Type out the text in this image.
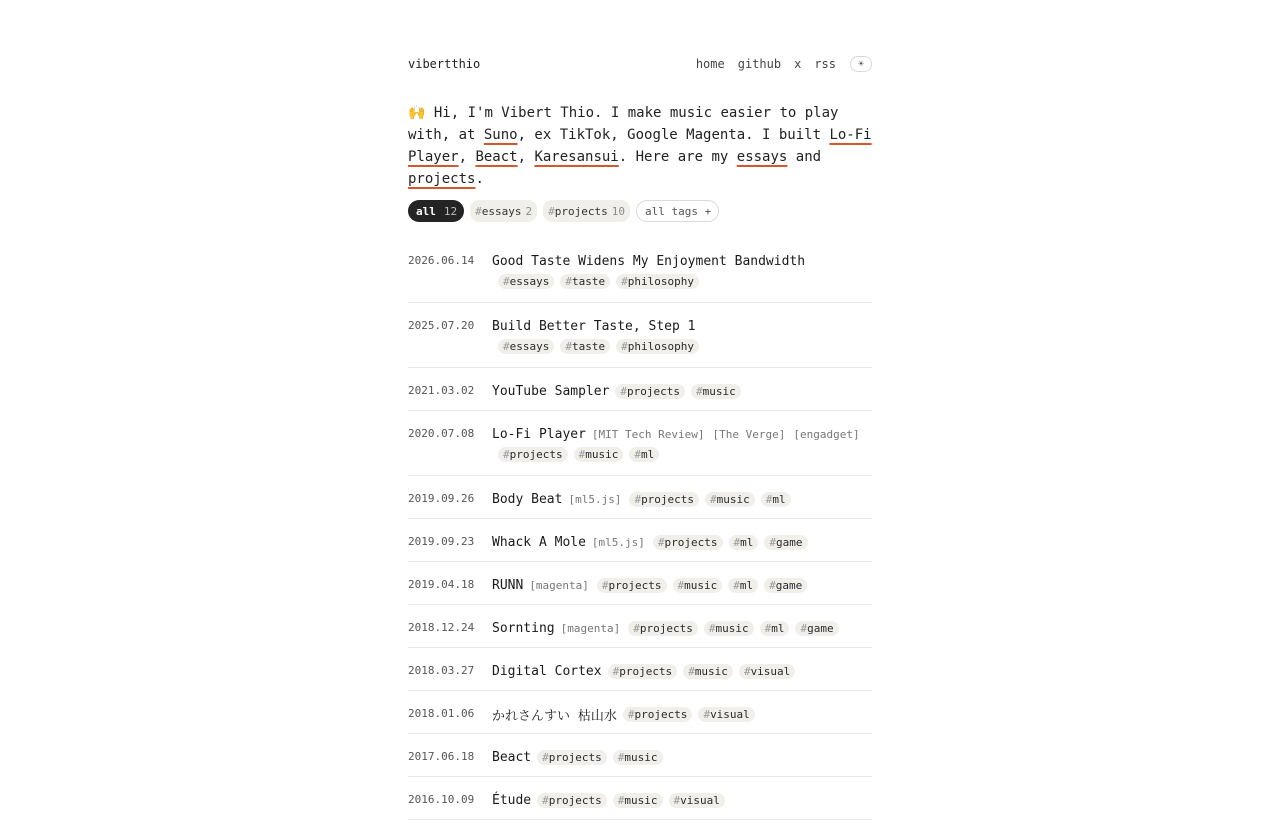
vibertthio	home github x rss ☀
🙌 Hi, I'm Vibert Thio. I make music easier to play with, at Suno, ex TikTok, Google Magenta. I built Lo-Fi Player, Beact, Karesansui. Here are my essays and projects.
all 12 # essays 2 # projects 10	all tags +
2026.06.14 Good Taste Widens My Enjoyment Bandwidth
#essays	#taste	#philosophy
2025.07.20 Build Better Taste, Step 1
#essays	#taste	#philosophy
2021.03.02 YouTube Sampler	#projects	#music
2020.07.08 Lo-Fi Player [MIT Tech Review] [The Verge] [engadget]
#projects	#music	#ml
2019.09.26 Body Beat [ml5.js]	#projects	#music	#ml
2019.09.23 Whack A Mole [ml5.js]	#projects	#ml	#game
2019.04.18 RUNN [magenta]	#projects	#music	#ml	#game
2018.12.24 Sornting [magenta]	#projects	#music	#ml	#game
2018.03.27 Digital Cortex	#projects	#music	#visual
2018.01.06 かれさんすい 枯山水	#projects	#visual
2017.06.18 Beact	#projects	#music
2016.10.09 Étude	#projects	#music	#visual
